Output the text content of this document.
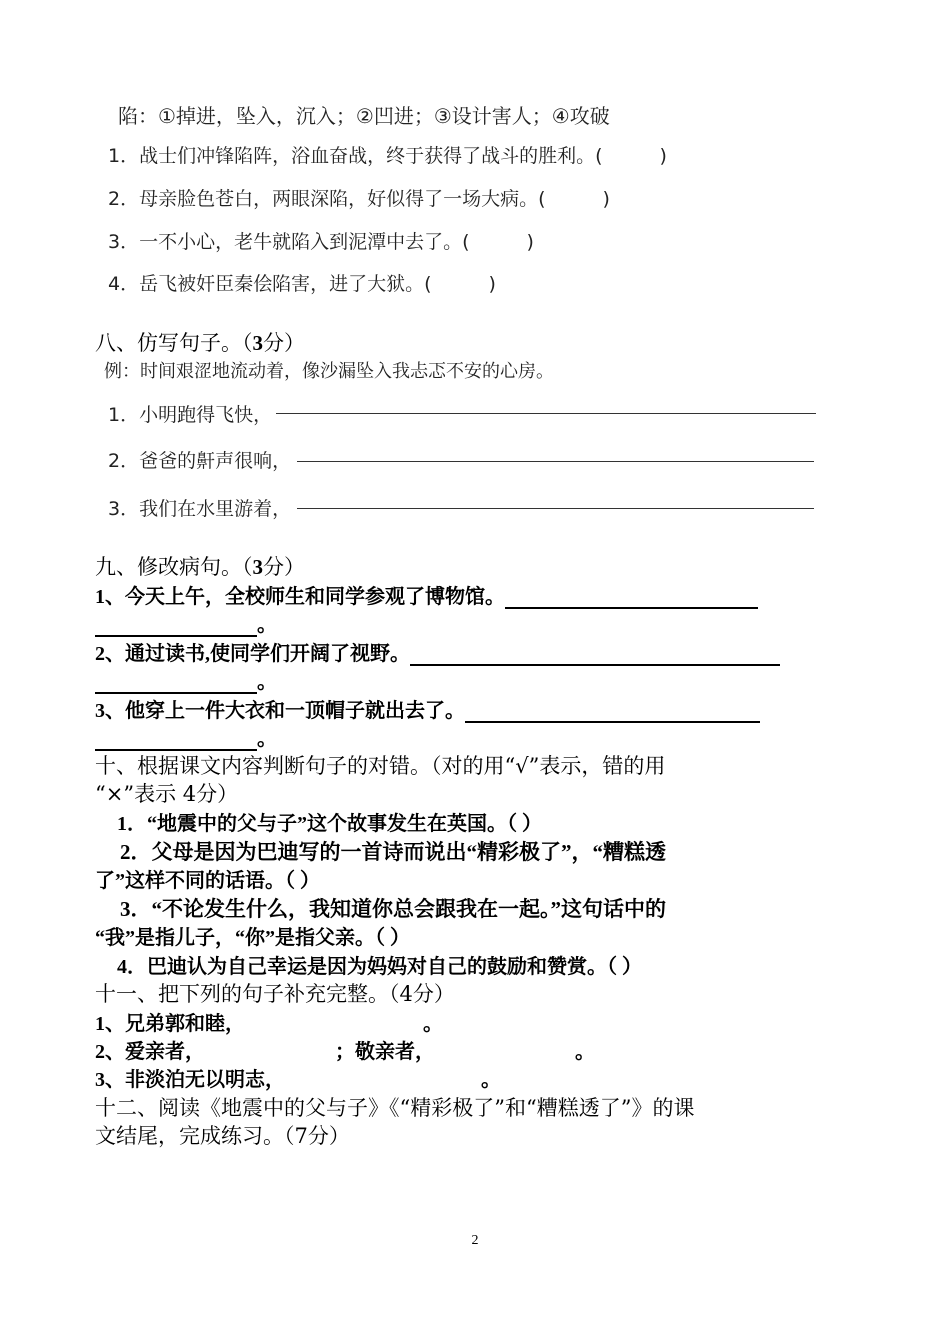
陷：①掉进，坠入，沉入；②凹进；③设计害人；④攻破
1．战士们冲锋陷阵，浴血奋战，终于获得了战斗的胜利。(　　　)
2．母亲脸色苍白，两眼深陷，好似得了一场大病。(　　　)
3．一不小心，老牛就陷入到泥潭中去了。(　　　)
4．岳飞被奸臣秦侩陷害，进了大狱。(　　　)
八、仿写句子。（3分）
例：时间艰涩地流动着，像沙漏坠入我忐忑不安的心房。
1．小明跑得飞快，
2．爸爸的鼾声很响，
3．我们在水里游着，
九、修改病句。（3分）
1、今天上午，全校师生和同学参观了博物馆。
。
2、通过读书,使同学们开阔了视野。
。
3、他穿上一件大衣和一顶帽子就出去了。
。
十、根据课文内容判断句子的对错。（对的用“√”表示，错的用
“×”表示 4分）
1．“地震中的父与子”这个故事发生在英国。（ ）
2．父母是因为巴迪写的一首诗而说出“精彩极了”，“糟糕透
了”这样不同的话语。（ ）
3．“不论发生什么，我知道你总会跟我在一起。”这句话中的
“我”是指儿子，“你”是指父亲。（ ）
4．巴迪认为自己幸运是因为妈妈对自己的鼓励和赞赏。（ ）
十一、把下列的句子补充完整。（4分）
1、兄弟郭和睦，	。
2、爱亲者，	；敬亲者，	。
3、非淡泊无以明志，	。
十二、阅读《地震中的父与子》《“精彩极了”和“糟糕透了”》的课
文结尾，完成练习。（7分）
2
